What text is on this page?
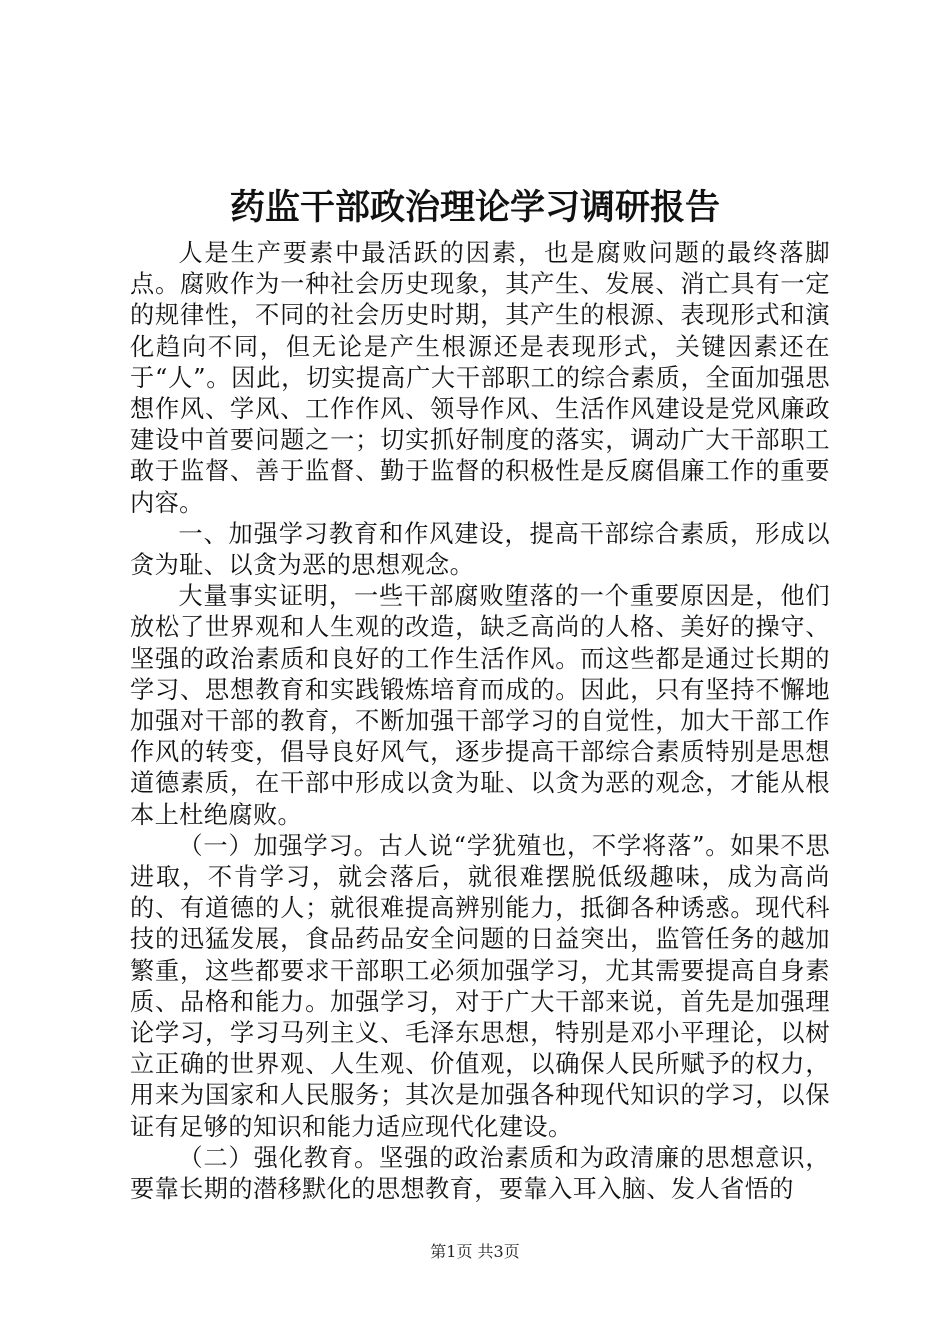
药监干部政治理论学习调研报告

人是生产要素中最活跃的因素，也是腐败问题的最终落脚点。腐败作为一种社会历史现象，其产生、发展、消亡具有一定的规律性，不同的社会历史时期，其产生的根源、表现形式和演化趋向不同，但无论是产生根源还是表现形式，关键因素还在于“人”。因此，切实提高广大干部职工的综合素质，全面加强思想作风、学风、工作作风、领导作风、生活作风建设是党风廉政建设中首要问题之一；切实抓好制度的落实，调动广大干部职工敢于监督、善于监督、勤于监督的积极性是反腐倡廉工作的重要内容。

一、加强学习教育和作风建设，提高干部综合素质，形成以贪为耻、以贪为恶的思想观念。

大量事实证明，一些干部腐败堕落的一个重要原因是，他们放松了世界观和人生观的改造，缺乏高尚的人格、美好的操守、坚强的政治素质和良好的工作生活作风。而这些都是通过长期的学习、思想教育和实践锻炼培育而成的。因此，只有坚持不懈地加强对干部的教育，不断加强干部学习的自觉性，加大干部工作作风的转变，倡导良好风气，逐步提高干部综合素质特别是思想道德素质，在干部中形成以贪为耻、以贪为恶的观念，才能从根本上杜绝腐败。

（一）加强学习。古人说“学犹殖也，不学将落”。如果不思进取，不肯学习，就会落后，就很难摆脱低级趣味，成为高尚的、有道德的人；就很难提高辨别能力，抵御各种诱惑。现代科技的迅猛发展，食品药品安全问题的日益突出，监管任务的越加繁重，这些都要求干部职工必须加强学习，尤其需要提高自身素质、品格和能力。加强学习，对于广大干部来说，首先是加强理论学习，学习马列主义、毛泽东思想，特别是邓小平理论，以树立正确的世界观、人生观、价值观，以确保人民所赋予的权力，用来为国家和人民服务；其次是加强各种现代知识的学习，以保证有足够的知识和能力适应现代化建设。

（二）强化教育。坚强的政治素质和为政清廉的思想意识，要靠长期的潜移默化的思想教育，要靠入耳入脑、发人省悟的

第1页 共3页
